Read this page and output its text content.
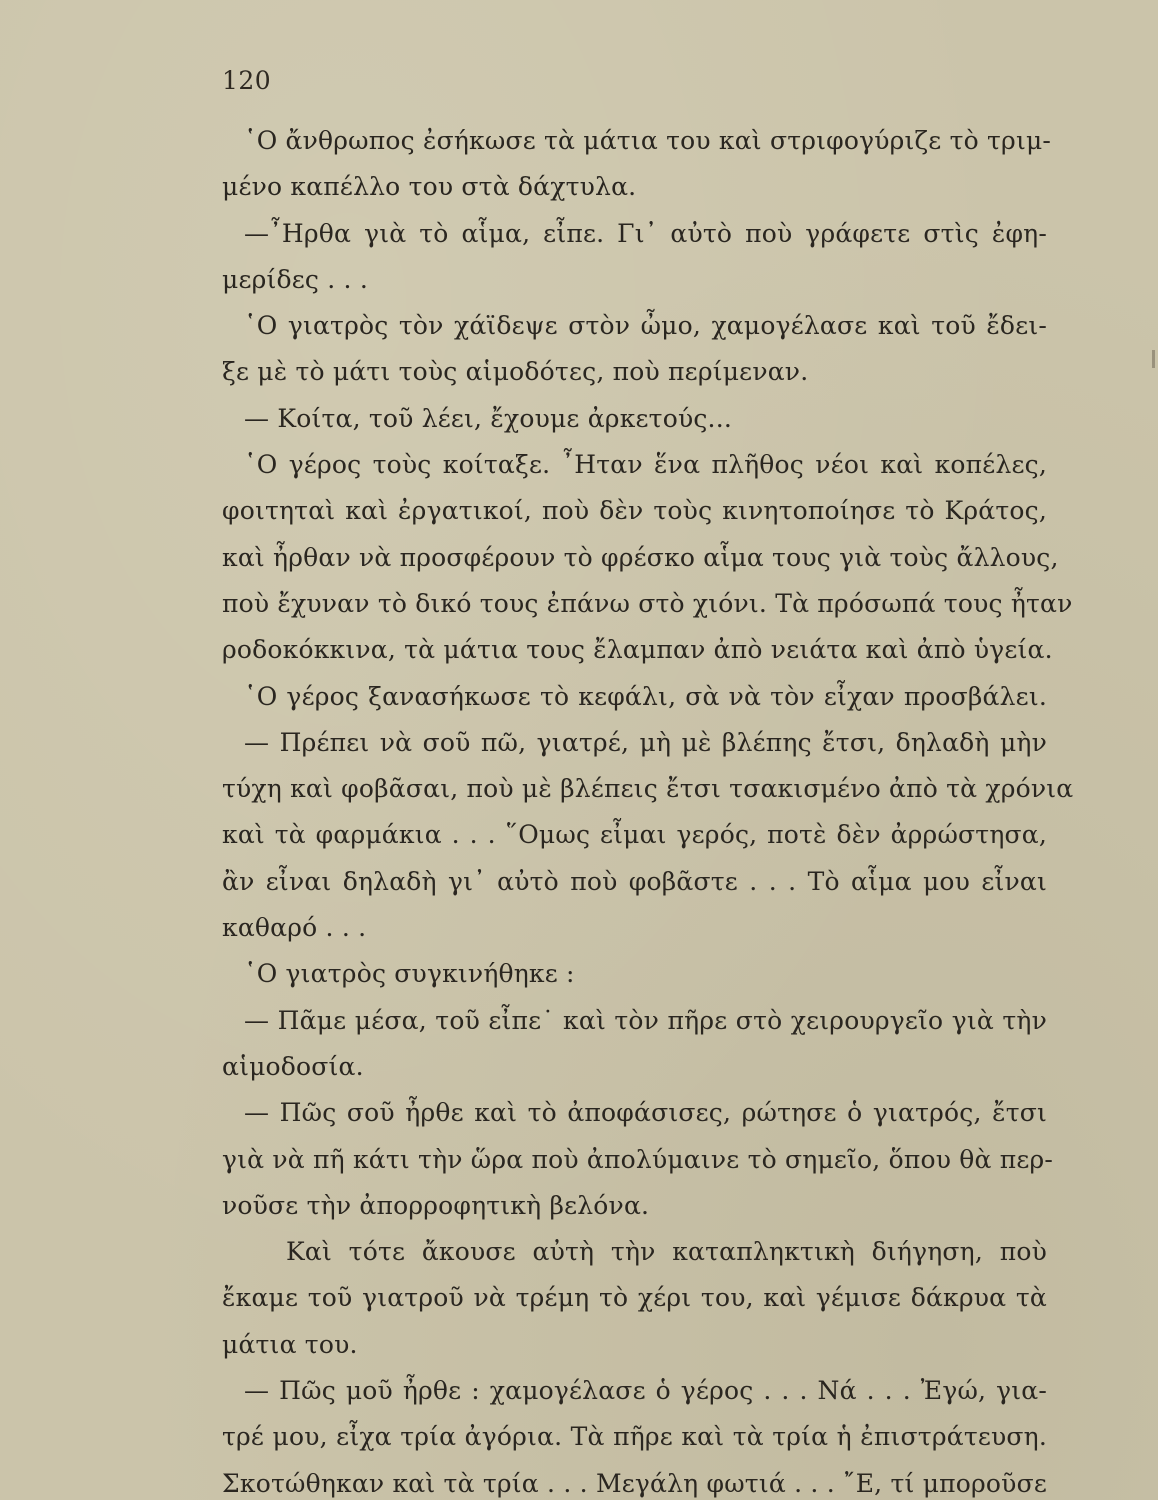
120
῾Ο ἄνθρωπος ἐσήκωσε τὰ μάτια του καὶ στριφογύριζε τὸ τριμ-
μένο καπέλλο του στὰ δάχτυλα.
—῏Ηρθα γιὰ τὸ αἷμα, εἶπε. Γι᾽ αὐτὸ ποὺ γράφετε στὶς ἐφη-
μερίδες . . .
῾Ο γιατρὸς τὸν χάϊδεψε στὸν ὦμο, χαμογέλασε καὶ τοῦ ἔδει-
ξε μὲ τὸ μάτι τοὺς αἱμοδότες, ποὺ περίμεναν.
— Κοίτα, τοῦ λέει, ἔχουμε ἀρκετούς...
῾Ο γέρος τοὺς κοίταξε. ῏Ηταν ἕνα πλῆθος νέοι καὶ κοπέλες,
φοιτηταὶ καὶ ἐργατικοί, ποὺ δὲν τοὺς κινητοποίησε τὸ Κράτος,
καὶ ἦρθαν νὰ προσφέρουν τὸ φρέσκο αἷμα τους γιὰ τοὺς ἄλλους,
ποὺ ἔχυναν τὸ δικό τους ἐπάνω στὸ χιόνι. Τὰ πρόσωπά τους ἦταν
ροδοκόκκινα, τὰ μάτια τους ἔλαμπαν ἀπὸ νειάτα καὶ ἀπὸ ὑγεία.
῾Ο γέρος ξανασήκωσε τὸ κεφάλι, σὰ νὰ τὸν εἶχαν προσβάλει.
— Πρέπει νὰ σοῦ πῶ, γιατρέ, μὴ μὲ βλέπης ἔτσι, δηλαδὴ μὴν
τύχη καὶ φοβᾶσαι, ποὺ μὲ βλέπεις ἔτσι τσακισμένο ἀπὸ τὰ χρόνια
καὶ τὰ φαρμάκια . . . ῞Ομως εἶμαι γερός, ποτὲ δὲν ἀρρώστησα,
ἂν εἶναι δηλαδὴ γι᾽ αὐτὸ ποὺ φοβᾶστε . . . Τὸ αἷμα μου εἶναι
καθαρό . . .
῾Ο γιατρὸς συγκινήθηκε :
— Πᾶμε μέσα, τοῦ εἶπε˙ καὶ τὸν πῆρε στὸ χειρουργεῖο γιὰ τὴν
αἱμοδοσία.
— Πῶς σοῦ ἦρθε καὶ τὸ ἀποφάσισες, ρώτησε ὁ γιατρός, ἔτσι
γιὰ νὰ πῆ κάτι τὴν ὥρα ποὺ ἀπολύμαινε τὸ σημεῖο, ὅπου θὰ περ-
νοῦσε τὴν ἀπορροφητικὴ βελόνα.
Καὶ τότε ἄκουσε αὐτὴ τὴν καταπληκτικὴ διήγηση, ποὺ
ἔκαμε τοῦ γιατροῦ νὰ τρέμη τὸ χέρι του, καὶ γέμισε δάκρυα τὰ
μάτια του.
— Πῶς μοῦ ἦρθε : χαμογέλασε ὁ γέρος . . . Νά . . . Ἐγώ, για-
τρέ μου, εἶχα τρία ἀγόρια. Τὰ πῆρε καὶ τὰ τρία ἡ ἐπιστράτευση.
Σκοτώθηκαν καὶ τὰ τρία . . . Μεγάλη φωτιά . . . ῎Ε, τί μποροῦσε
